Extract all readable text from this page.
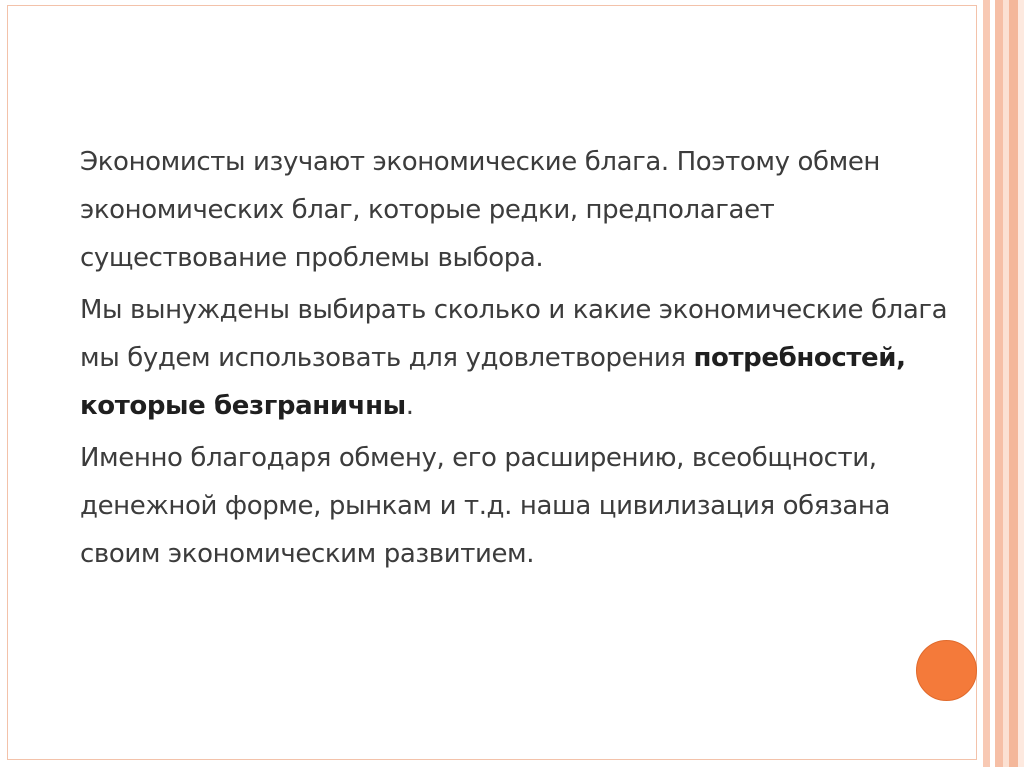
Экономисты изучают экономические блага. Поэтому обмен экономических благ, которые редки, предполагает существование проблемы выбора.

Мы вынуждены выбирать сколько и какие экономические блага мы будем использовать для удовлетворения потребностей, которые безграничны.

Именно благодаря обмену, его расширению, всеобщности, денежной форме, рынкам и т.д. наша цивилизация обязана своим экономическим развитием.
